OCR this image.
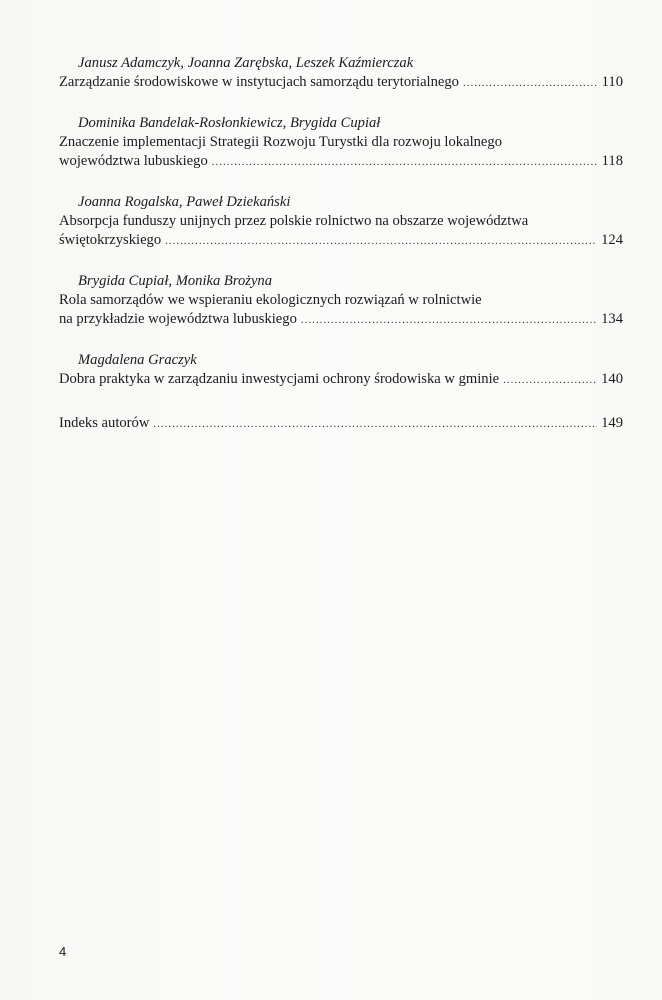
Janusz Adamczyk, Joanna Zarębska, Leszek Kaźmierczak
Zarządzanie środowiskowe w instytucjach samorządu terytorialnego .....	110
Dominika Bandelak-Rosłonkiewicz, Brygida Cupiał
Znaczenie implementacji Strategii Rozwoju Turystki dla rozwoju lokalnego
województwa lubuskiego .....	118
Joanna Rogalska, Paweł Dziekański
Absorpcja funduszy unijnych przez polskie rolnictwo na obszarze województwa
świętokrzyskiego .....	124
Brygida Cupiał, Monika Brożyna
Rola samorządów we wspieraniu ekologicznych rozwiązań w rolnictwie
na przykładzie województwa lubuskiego .....	134
Magdalena Graczyk
Dobra praktyka w zarządzaniu inwestycjami ochrony środowiska w gminie .....	140
Indeks autorów .....	149
4
